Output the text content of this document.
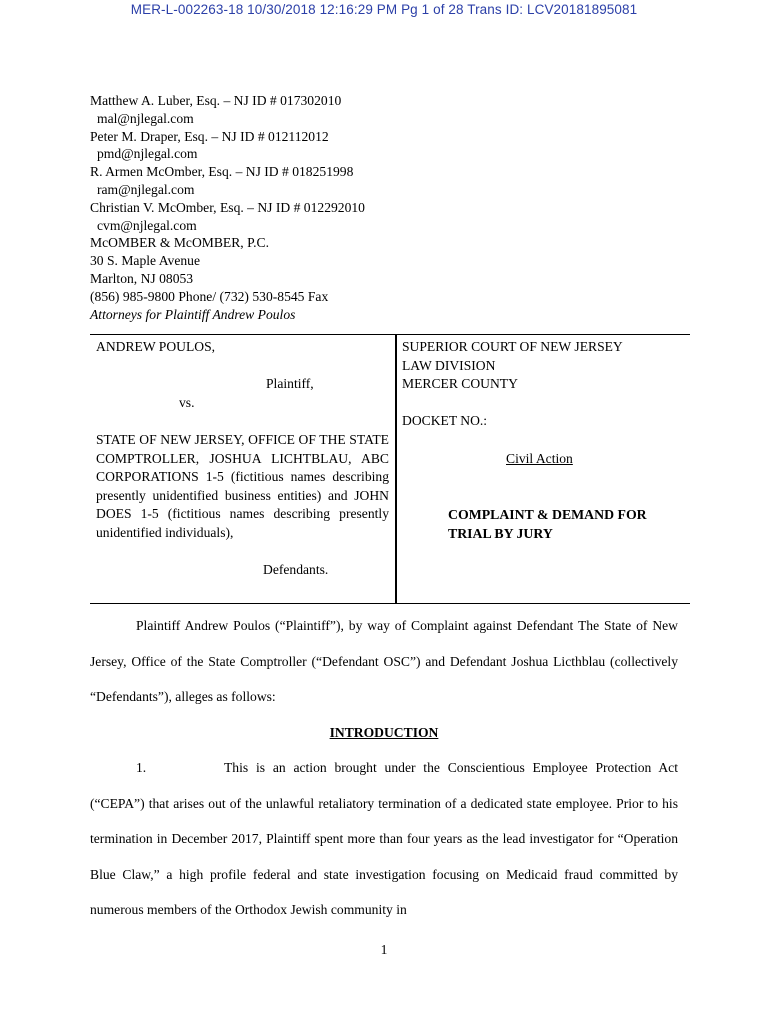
MER-L-002263-18 10/30/2018 12:16:29 PM Pg 1 of 28 Trans ID: LCV20181895081
Matthew A. Luber, Esq. – NJ ID # 017302010
mal@njlegal.com
Peter M. Draper, Esq. – NJ ID # 012112012
pmd@njlegal.com
R. Armen McOmber, Esq. – NJ ID # 018251998
ram@njlegal.com
Christian V. McOmber, Esq. – NJ ID # 012292010
cvm@njlegal.com
McOMBER & McOMBER, P.C.
30 S. Maple Avenue
Marlton, NJ 08053
(856) 985-9800 Phone/ (732) 530-8545 Fax
Attorneys for Plaintiff Andrew Poulos
ANDREW POULOS,
Plaintiff,
vs.
STATE OF NEW JERSEY, OFFICE OF THE STATE COMPTROLLER, JOSHUA LICHTBLAU, ABC CORPORATIONS 1-5 (fictitious names describing presently unidentified business entities) and JOHN DOES 1-5 (fictitious names describing presently unidentified individuals),
Defendants.
SUPERIOR COURT OF NEW JERSEY
LAW DIVISION
MERCER COUNTY
DOCKET NO.:
Civil Action
COMPLAINT & DEMAND FOR
TRIAL BY JURY

Plaintiff Andrew Poulos (“Plaintiff”), by way of Complaint against Defendant The State of New Jersey, Office of the State Comptroller (“Defendant OSC”) and Defendant Joshua Licthblau (collectively “Defendants”), alleges as follows:

INTRODUCTION

1.	This is an action brought under the Conscientious Employee Protection Act (“CEPA”) that arises out of the unlawful retaliatory termination of a dedicated state employee. Prior to his termination in December 2017, Plaintiff spent more than four years as the lead investigator for “Operation Blue Claw,” a high profile federal and state investigation focusing on Medicaid fraud committed by numerous members of the Orthodox Jewish community in

1
